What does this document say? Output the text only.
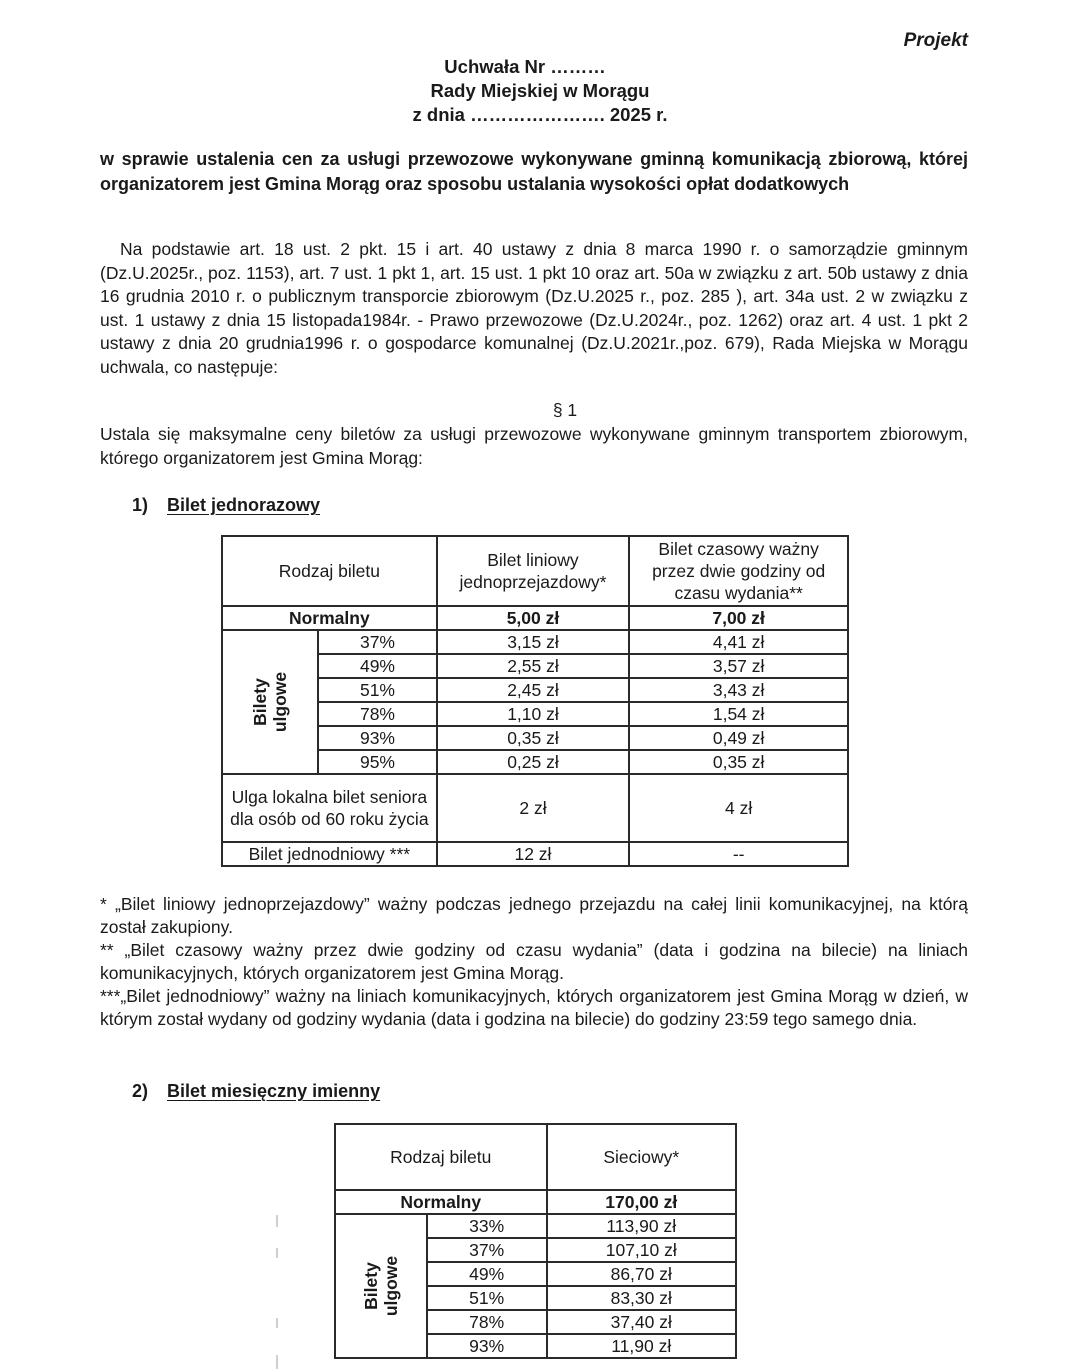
Projekt
Uchwała Nr ………
Rady Miejskiej w Morągu
z dnia …………………. 2025 r.
w sprawie ustalenia cen za usługi przewozowe wykonywane gminną komunikacją zbiorową, której organizatorem jest Gmina Morąg oraz sposobu ustalania wysokości opłat dodatkowych
Na podstawie art. 18 ust. 2 pkt. 15 i art. 40 ustawy z dnia 8 marca 1990 r. o samorządzie gminnym (Dz.U.2025r., poz. 1153), art. 7 ust. 1 pkt 1, art. 15 ust. 1 pkt 10 oraz art. 50a w związku z art. 50b ustawy z dnia 16 grudnia 2010 r. o publicznym transporcie zbiorowym (Dz.U.2025 r., poz. 285 ), art. 34a ust. 2 w związku z ust. 1 ustawy z dnia 15 listopada1984r. - Prawo przewozowe (Dz.U.2024r., poz. 1262) oraz art. 4 ust. 1 pkt 2 ustawy z dnia 20 grudnia1996 r. o gospodarce komunalnej (Dz.U.2021r.,poz. 679), Rada Miejska w Morągu uchwala, co następuje:
§ 1
Ustala się maksymalne ceny biletów za usługi przewozowe wykonywane gminnym transportem zbiorowym, którego organizatorem jest Gmina Morąg:
1) Bilet jednorazowy
Rodzaj biletu		Bilet liniowy jednoprzejazdowy*	Bilet czasowy ważny przez dwie godziny od czasu wydania**
Normalny		5,00 zł	7,00 zł
Bilety
ulgowe	37%	3,15 zł	4,41 zł
	49%	2,55 zł	3,57 zł
	51%	2,45 zł	3,43 zł
	78%	1,10 zł	1,54 zł
	93%	0,35 zł	0,49 zł
	95%	0,25 zł	0,35 zł
Ulga lokalna bilet seniora dla osób od 60 roku życia		2 zł	4 zł
Bilet jednodniowy ***		12 zł	--

* „Bilet liniowy jednoprzejazdowy” ważny podczas jednego przejazdu na całej linii komunikacyjnej, na którą został zakupiony.

** „Bilet czasowy ważny przez dwie godziny od czasu wydania” (data i godzina na bilecie) na liniach komunikacyjnych, których organizatorem jest Gmina Morąg.

***„Bilet jednodniowy” ważny na liniach komunikacyjnych, których organizatorem jest Gmina Morąg w dzień, w którym został wydany od godziny wydania (data i godzina na bilecie) do godziny 23:59 tego samego dnia.

2) Bilet miesięczny imienny
Rodzaj biletu		Sieciowy*
Normalny		170,00 zł
Bilety
ulgowe	33%	113,90 zł
	37%	107,10 zł
	49%	86,70 zł
	51%	83,30 zł
	78%	37,40 zł
	93%	11,90 zł
